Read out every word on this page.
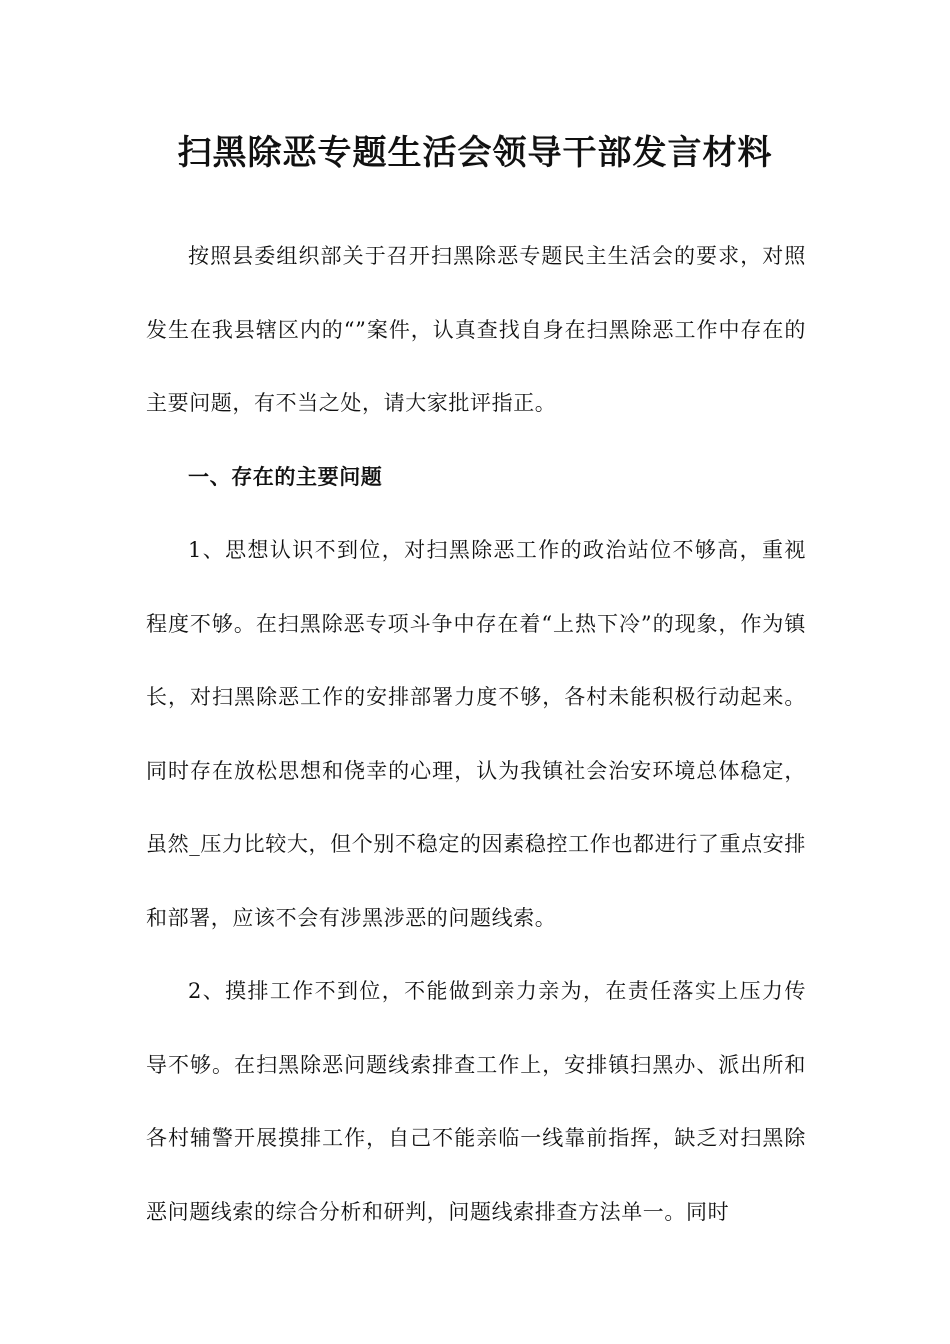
扫黑除恶专题生活会领导干部发言材料

按照县委组织部关于召开扫黑除恶专题民主生活会的要求，对照发生在我县辖区内的“”案件，认真查找自身在扫黑除恶工作中存在的主要问题，有不当之处，请大家批评指正。

一、存在的主要问题

1、思想认识不到位，对扫黑除恶工作的政治站位不够高，重视程度不够。在扫黑除恶专项斗争中存在着“上热下冷”的现象，作为镇长，对扫黑除恶工作的安排部署力度不够，各村未能积极行动起来。同时存在放松思想和侥幸的心理，认为我镇社会治安环境总体稳定，虽然_压力比较大，但个别不稳定的因素稳控工作也都进行了重点安排和部署，应该不会有涉黑涉恶的问题线索。

2、摸排工作不到位，不能做到亲力亲为，在责任落实上压力传导不够。在扫黑除恶问题线索排查工作上，安排镇扫黑办、派出所和各村辅警开展摸排工作，自己不能亲临一线靠前指挥，缺乏对扫黑除恶问题线索的综合分析和研判，问题线索排查方法单一。同时
